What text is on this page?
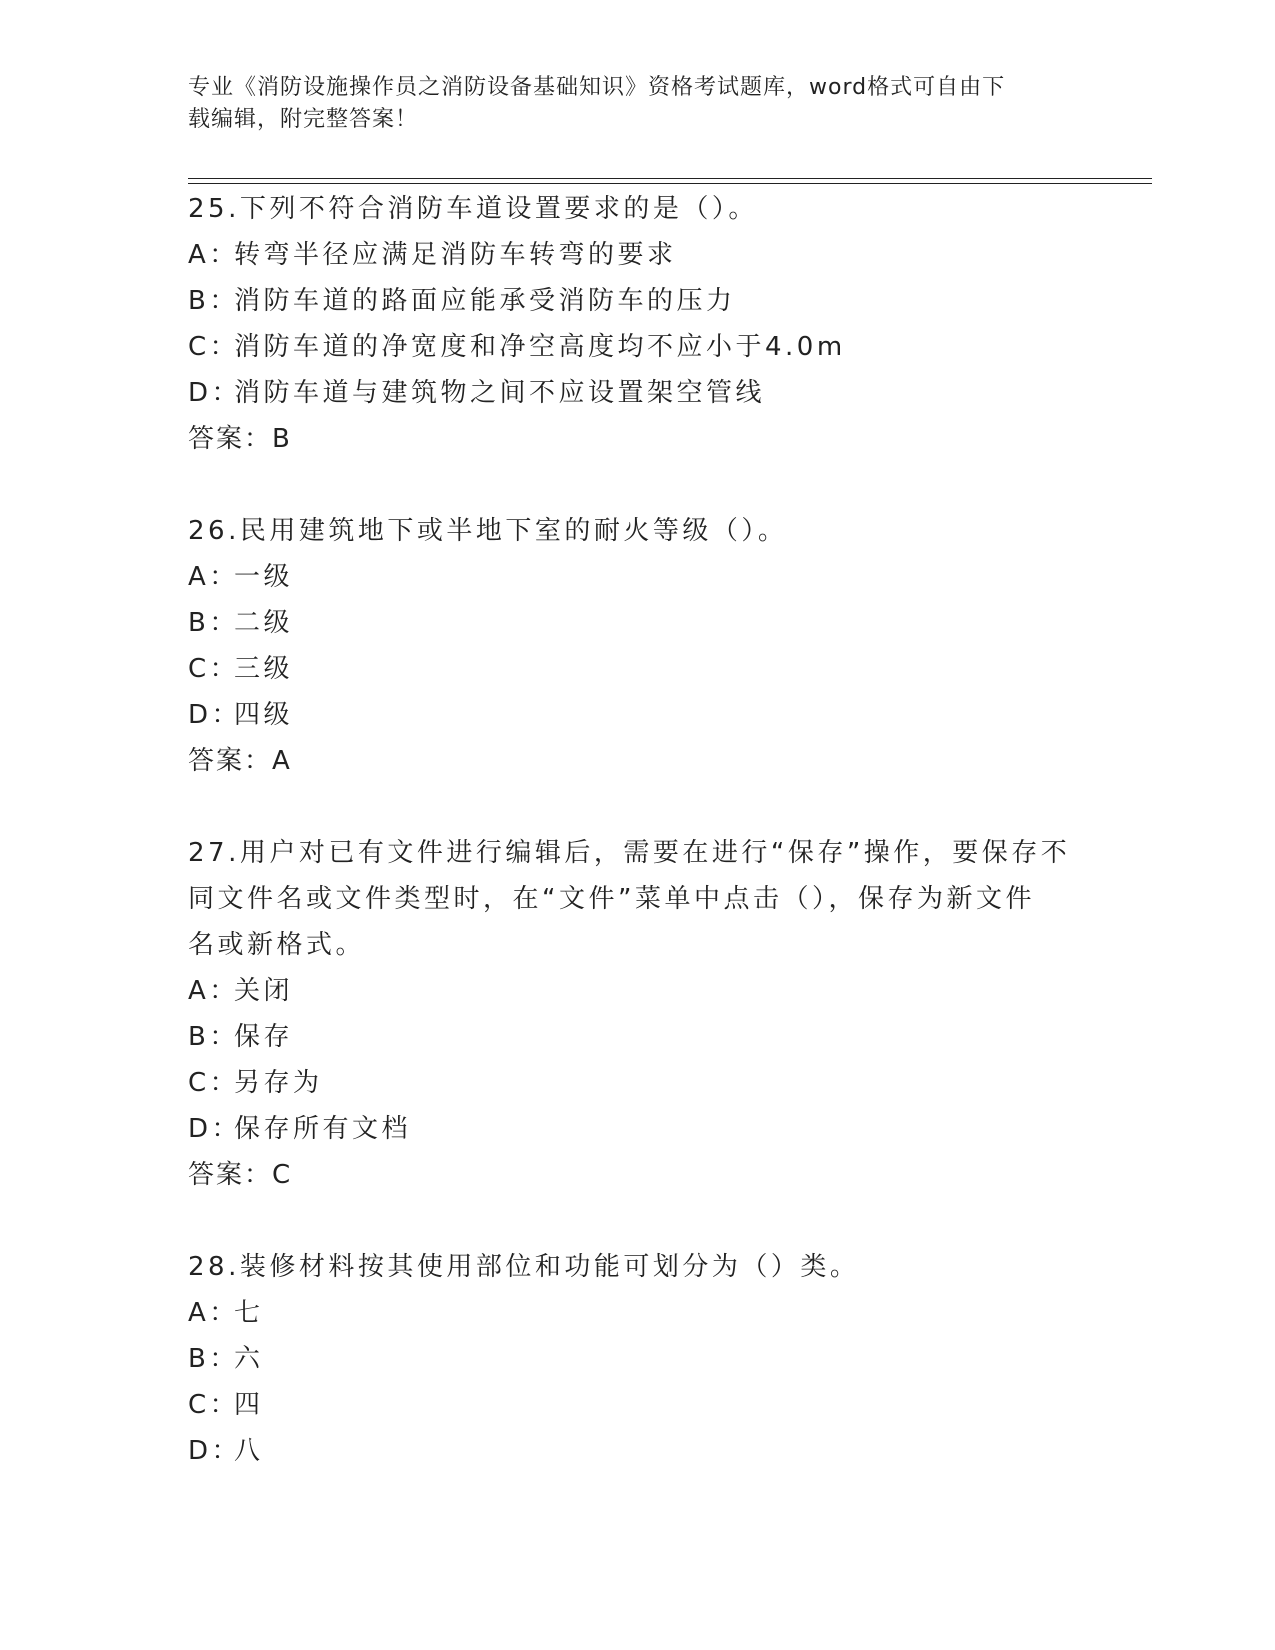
专业《消防设施操作员之消防设备基础知识》资格考试题库，word格式可自由下
载编辑，附完整答案！
25.下列不符合消防车道设置要求的是（）。
A：转弯半径应满足消防车转弯的要求
B：消防车道的路面应能承受消防车的压力
C：消防车道的净宽度和净空高度均不应小于4.0m
D：消防车道与建筑物之间不应设置架空管线
答案：B
26.民用建筑地下或半地下室的耐火等级（）。
A：一级
B：二级
C：三级
D：四级
答案：A
27.用户对已有文件进行编辑后，需要在进行“保存”操作，要保存不
同文件名或文件类型时，在“文件”菜单中点击（），保存为新文件
名或新格式。
A：关闭
B：保存
C：另存为
D：保存所有文档
答案：C
28.装修材料按其使用部位和功能可划分为（）类。
A：七
B：六
C：四
D：八
